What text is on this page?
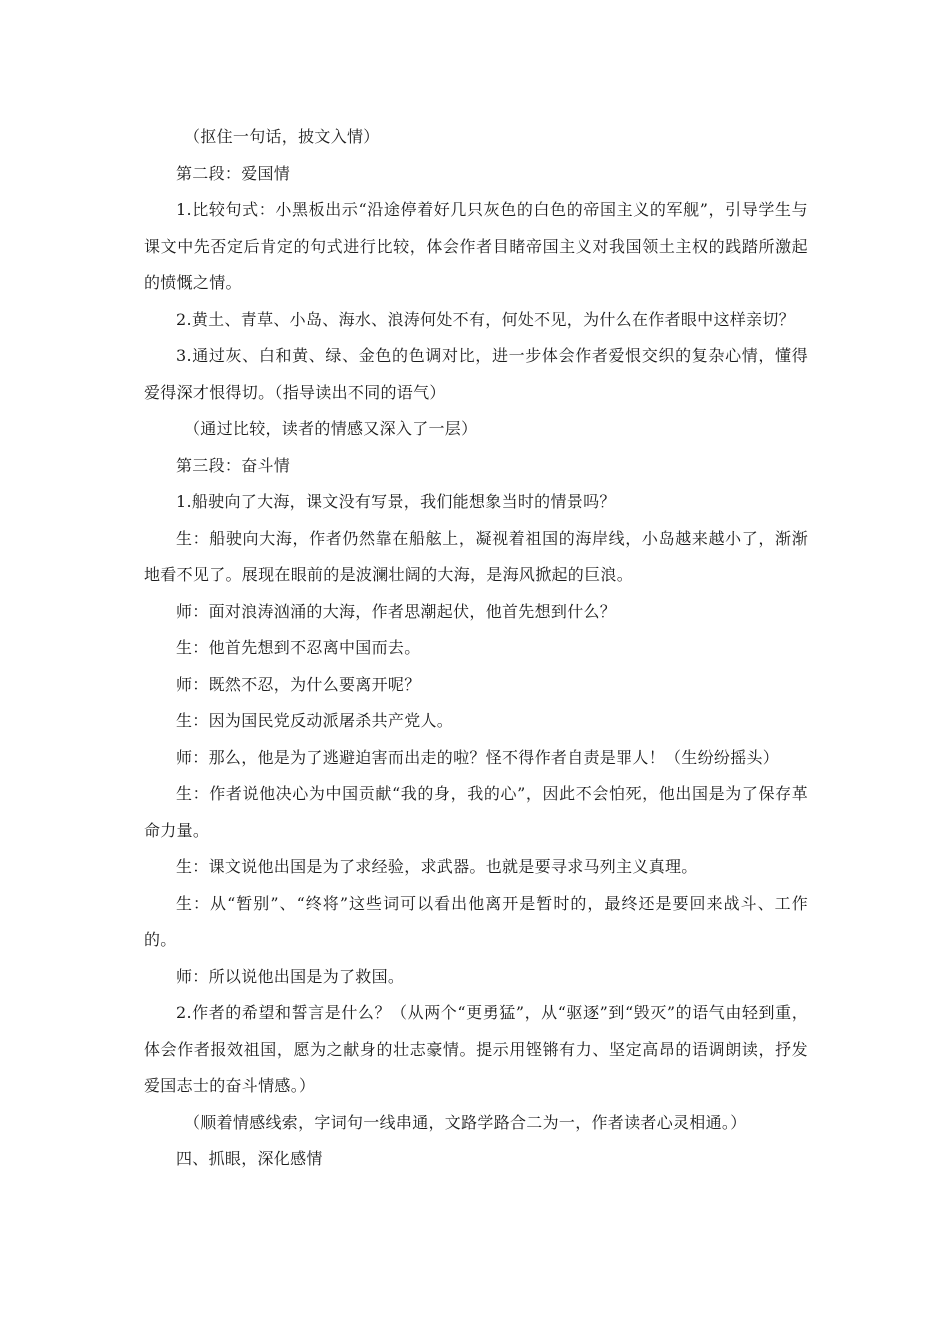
（抠住一句话，披文入情）

第二段：爱国情

1.比较句式：小黑板出示“沿途停着好几只灰色的白色的帝国主义的军舰”，引导学生与课文中先否定后肯定的句式进行比较，体会作者目睹帝国主义对我国领土主权的践踏所激起的愤慨之情。

2.黄土、青草、小岛、海水、浪涛何处不有，何处不见，为什么在作者眼中这样亲切？

3.通过灰、白和黄、绿、金色的色调对比，进一步体会作者爱恨交织的复杂心情，懂得爱得深才恨得切。（指导读出不同的语气）

（通过比较，读者的情感又深入了一层）

第三段：奋斗情

1.船驶向了大海，课文没有写景，我们能想象当时的情景吗？

生：船驶向大海，作者仍然靠在船舷上，凝视着祖国的海岸线，小岛越来越小了，渐渐地看不见了。展现在眼前的是波澜壮阔的大海，是海风掀起的巨浪。

师：面对浪涛汹涌的大海，作者思潮起伏，他首先想到什么？

生：他首先想到不忍离中国而去。

师：既然不忍，为什么要离开呢？

生：因为国民党反动派屠杀共产党人。

师：那么，他是为了逃避迫害而出走的啦？怪不得作者自责是罪人！（生纷纷摇头）

生：作者说他决心为中国贡献“我的身，我的心”，因此不会怕死，他出国是为了保存革命力量。

生：课文说他出国是为了求经验，求武器。也就是要寻求马列主义真理。

生：从“暂别”、“终将”这些词可以看出他离开是暂时的，最终还是要回来战斗、工作的。

师：所以说他出国是为了救国。

2.作者的希望和誓言是什么？（从两个“更勇猛”，从“驱逐”到“毁灭”的语气由轻到重，体会作者报效祖国，愿为之献身的壮志豪情。提示用铿锵有力、坚定高昂的语调朗读，抒发爱国志士的奋斗情感。）

（顺着情感线索，字词句一线串通，文路学路合二为一，作者读者心灵相通。）

四、抓眼，深化感情
